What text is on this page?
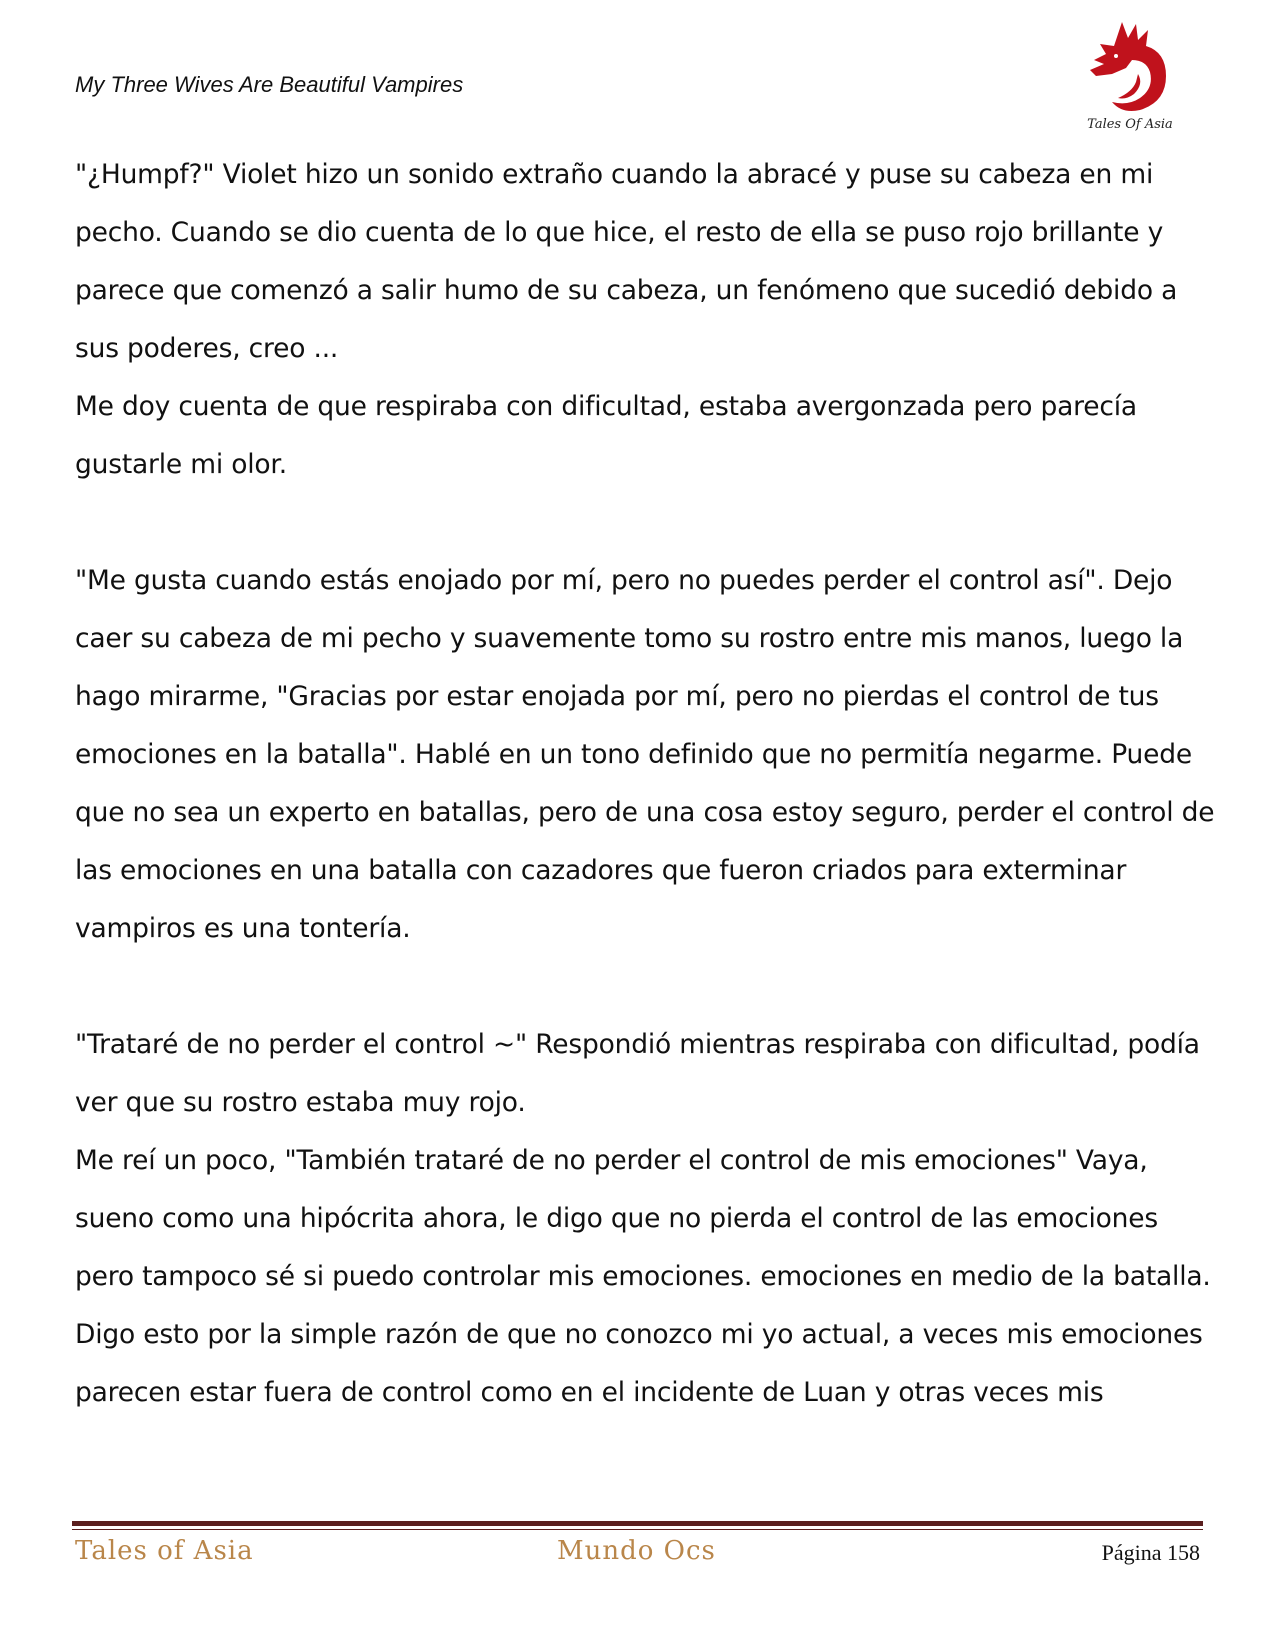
My Three Wives Are Beautiful Vampires
Tales Of Asia
"¿Humpf?" Violet hizo un sonido extraño cuando la abracé y puse su cabeza en mi
pecho. Cuando se dio cuenta de lo que hice, el resto de ella se puso rojo brillante y
parece que comenzó a salir humo de su cabeza, un fenómeno que sucedió debido a
sus poderes, creo ...
Me doy cuenta de que respiraba con dificultad, estaba avergonzada pero parecía
gustarle mi olor.
"Me gusta cuando estás enojado por mí, pero no puedes perder el control así". Dejo
caer su cabeza de mi pecho y suavemente tomo su rostro entre mis manos, luego la
hago mirarme, "Gracias por estar enojada por mí, pero no pierdas el control de tus
emociones en la batalla". Hablé en un tono definido que no permitía negarme. Puede
que no sea un experto en batallas, pero de una cosa estoy seguro, perder el control de
las emociones en una batalla con cazadores que fueron criados para exterminar
vampiros es una tontería.
"Trataré de no perder el control ~" Respondió mientras respiraba con dificultad, podía
ver que su rostro estaba muy rojo.
Me reí un poco, "También trataré de no perder el control de mis emociones" Vaya,
sueno como una hipócrita ahora, le digo que no pierda el control de las emociones
pero tampoco sé si puedo controlar mis emociones. emociones en medio de la batalla.
Digo esto por la simple razón de que no conozco mi yo actual, a veces mis emociones
parecen estar fuera de control como en el incidente de Luan y otras veces mis
Tales of Asia	Mundo Ocs	Página 158
